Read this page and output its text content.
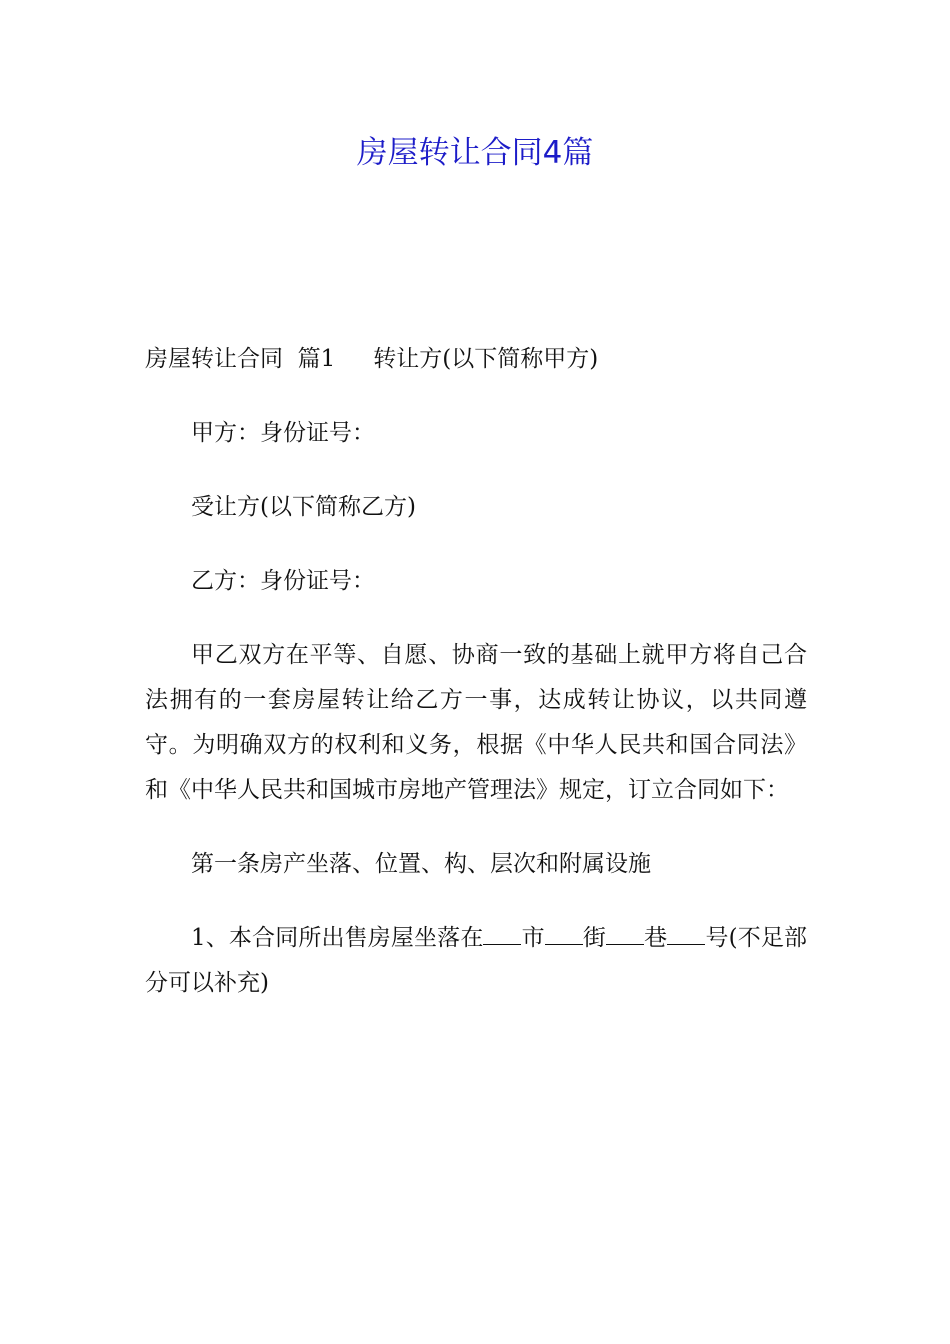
房屋转让合同4篇

房屋转让合同  篇1 转让方(以下简称甲方)

甲方：身份证号：

受让方(以下简称乙方)

乙方：身份证号：

甲乙双方在平等、自愿、协商一致的基础上就甲方将自己合法拥有的一套房屋转让给乙方一事，达成转让协议，以共同遵守。为明确双方的权利和义务，根据《中华人民共和国合同法》和《中华人民共和国城市房地产管理法》规定，订立合同如下：

第一条房产坐落、位置、构、层次和附属设施

1、本合同所出售房屋坐落在 市 街 巷 号(不足部分可以补充)
